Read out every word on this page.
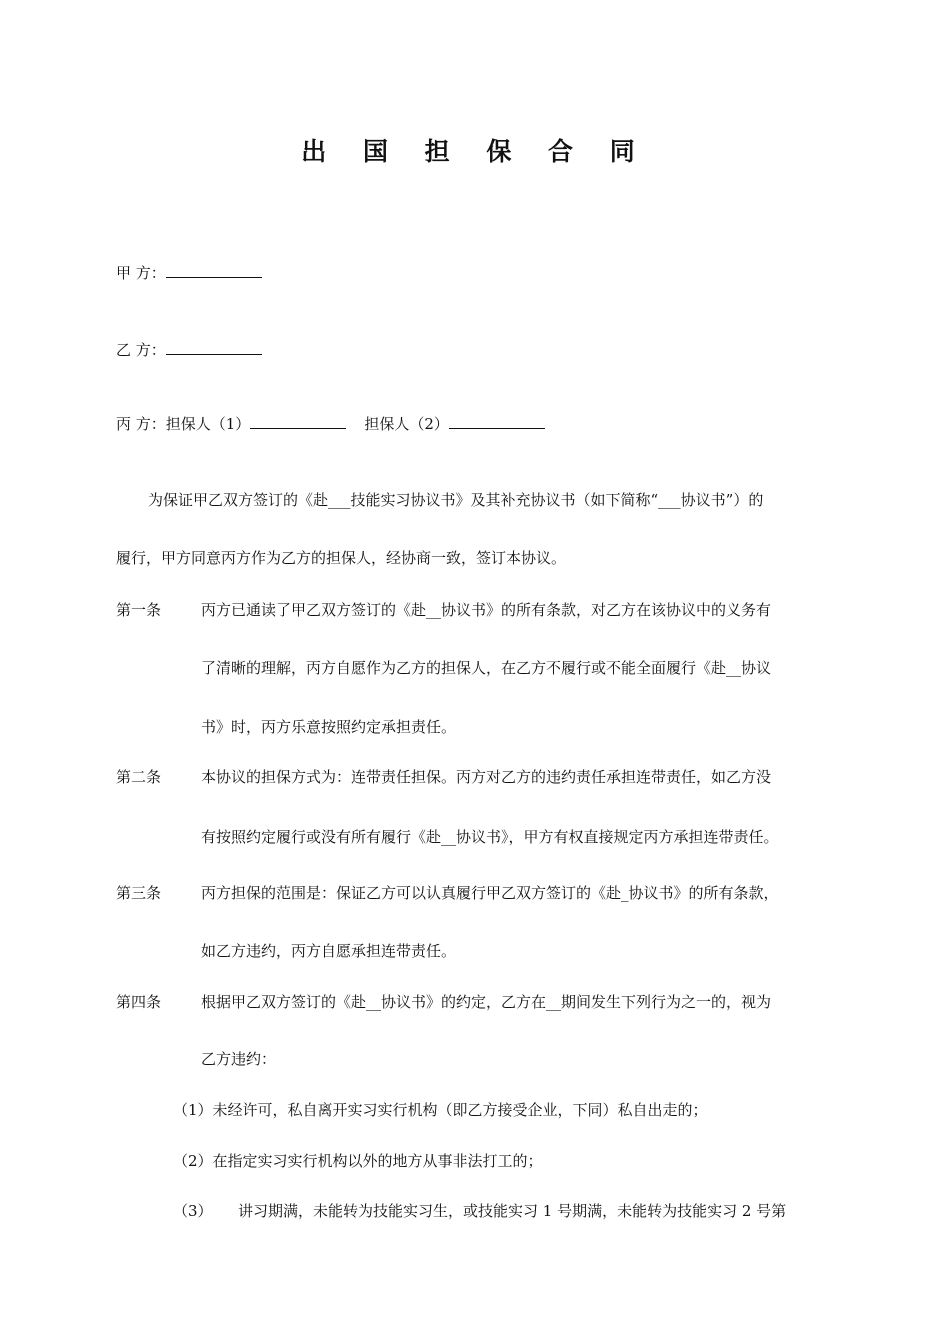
出 国 担 保 合 同
甲 方：
乙 方：
丙 方：担保人（1）	担保人（2）
为保证甲乙双方签订的《赴___技能实习协议书》及其补充协议书（如下简称“___协议书”）的
履行，甲方同意丙方作为乙方的担保人，经协商一致，签订本协议。
第一条	丙方已通读了甲乙双方签订的《赴__协议书》的所有条款，对乙方在该协议中的义务有
了清晰的理解，丙方自愿作为乙方的担保人，在乙方不履行或不能全面履行《赴__协议
书》时，丙方乐意按照约定承担责任。
第二条	本协议的担保方式为：连带责任担保。丙方对乙方的违约责任承担连带责任，如乙方没
有按照约定履行或没有所有履行《赴__协议书》，甲方有权直接规定丙方承担连带责任。
第三条	丙方担保的范围是：保证乙方可以认真履行甲乙双方签订的《赴_协议书》的所有条款，
如乙方违约，丙方自愿承担连带责任。
第四条	根据甲乙双方签订的《赴__协议书》的约定，乙方在__期间发生下列行为之一的，视为
乙方违约：
（1）未经许可，私自离开实习实行机构（即乙方接受企业，下同）私自出走的；
（2）在指定实习实行机构以外的地方从事非法打工的；
（3） 讲习期满，未能转为技能实习生，或技能实习 1 号期满，未能转为技能实习 2 号第
